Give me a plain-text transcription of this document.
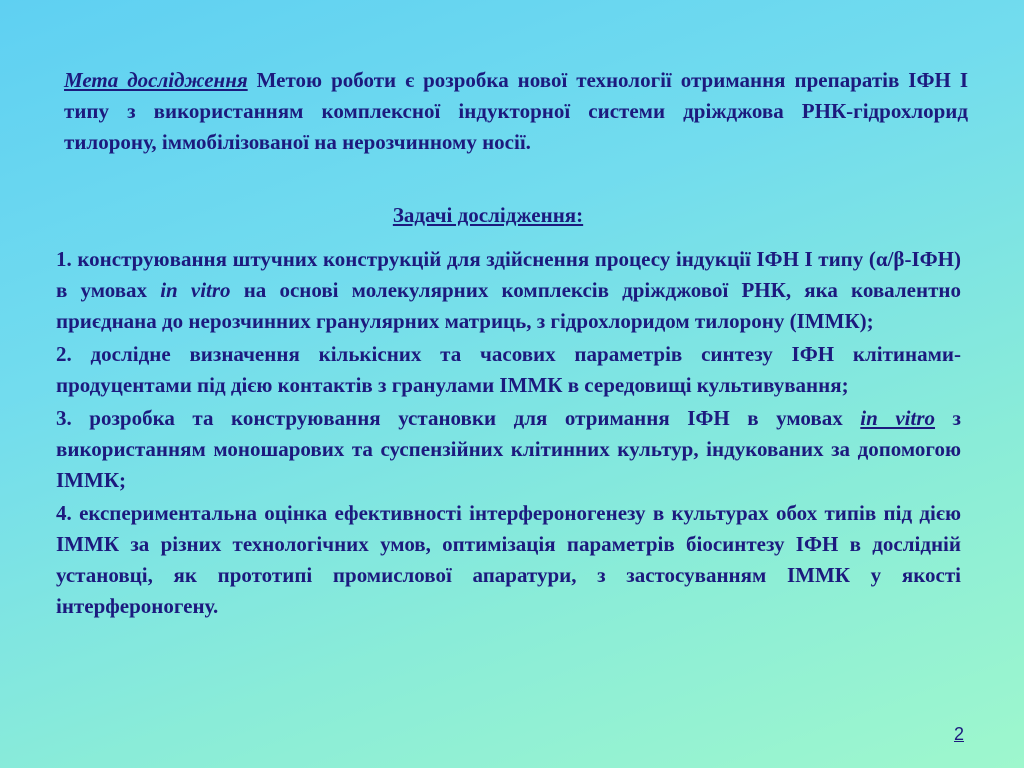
Мета дослідження Метою роботи є розробка нової технології отримання препаратів ІФН І типу з використанням комплексної індукторної системи дріжджова РНК-гідрохлорид тилорону, іммобілізованої на нерозчинному носії.

Задачі дослідження:

1. конструювання штучних конструкцій для здійснення процесу індукції ІФН І типу (α/β-ІФН) в умовах in vitro на основі молекулярних комплексів дріжджової РНК, яка ковалентно приєднана до нерозчинних гранулярних матриць, з гідрохлоридом тилорону (ІММК);

2. дослідне визначення кількісних та часових параметрів синтезу ІФН клітинами-продуцентами під дією контактів з гранулами ІММК в середовищі культивування;

3. розробка та конструювання установки для отримання ІФН в умовах in vitro з використанням моношарових та суспензійних клітинних культур, індукованих за допомогою ІММК;

4. експериментальна оцінка ефективності інтерфероногенезу в культурах обох типів під дією ІММК за різних технологічних умов, оптимізація параметрів біосинтезу ІФН в дослідній установці, як прототипі промислової апаратури, з застосуванням ІММК у якості інтерфероногену.

2
